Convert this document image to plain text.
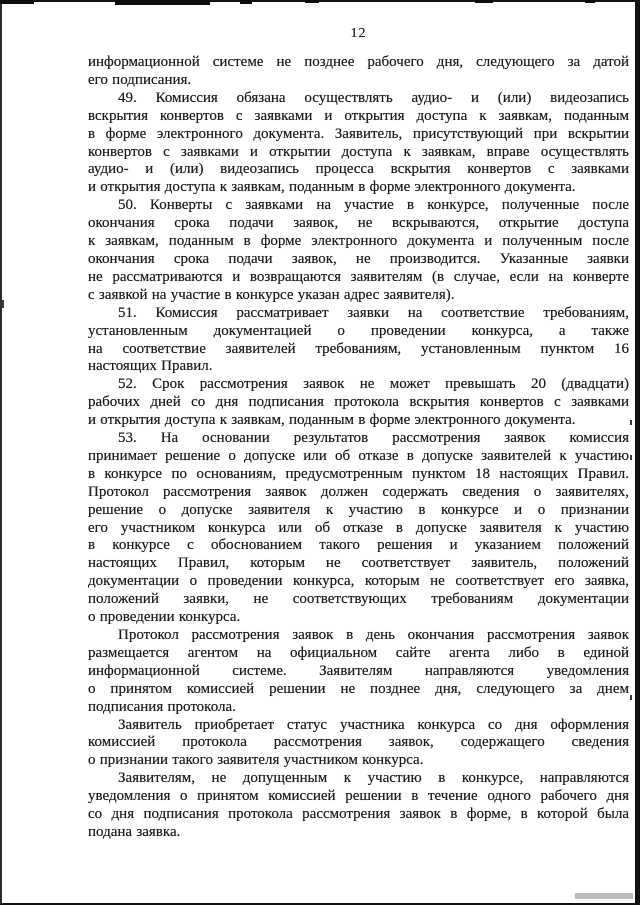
12
информационной системе не позднее рабочего дня, следующего за датой
его подписания.
49. Комиссия обязана осуществлять аудио- и (или) видеозапись
вскрытия конвертов с заявками и открытия доступа к заявкам, поданным
в форме электронного документа. Заявитель, присутствующий при вскрытии
конвертов с заявками и открытии доступа к заявкам, вправе осуществлять
аудио- и (или) видеозапись процесса вскрытия конвертов с заявками
и открытия доступа к заявкам, поданным в форме электронного документа.
50. Конверты с заявками на участие в конкурсе, полученные после
окончания срока подачи заявок, не вскрываются, открытие доступа
к заявкам, поданным в форме электронного документа и полученным после
окончания срока подачи заявок, не производится. Указанные заявки
не рассматриваются и возвращаются заявителям (в случае, если на конверте
с заявкой на участие в конкурсе указан адрес заявителя).
51. Комиссия рассматривает заявки на соответствие требованиям,
установленным документацией о проведении конкурса, а также
на соответствие заявителей требованиям, установленным пунктом 16
настоящих Правил.
52. Срок рассмотрения заявок не может превышать 20 (двадцати)
рабочих дней со дня подписания протокола вскрытия конвертов с заявками
и открытия доступа к заявкам, поданным в форме электронного документа.
53. На основании результатов рассмотрения заявок комиссия
принимает решение о допуске или об отказе в допуске заявителей к участию
в конкурсе по основаниям, предусмотренным пунктом 18 настоящих Правил.
Протокол рассмотрения заявок должен содержать сведения о заявителях,
решение о допуске заявителя к участию в конкурсе и о признании
его участником конкурса или об отказе в допуске заявителя к участию
в конкурсе с обоснованием такого решения и указанием положений
настоящих Правил, которым не соответствует заявитель, положений
документации о проведении конкурса, которым не соответствует его заявка,
положений заявки, не соответствующих требованиям документации
о проведении конкурса.
Протокол рассмотрения заявок в день окончания рассмотрения заявок
размещается агентом на официальном сайте агента либо в единой
информационной системе. Заявителям направляются уведомления
о принятом комиссией решении не позднее дня, следующего за днем
подписания протокола.
Заявитель приобретает статус участника конкурса со дня оформления
комиссией протокола рассмотрения заявок, содержащего сведения
о признании такого заявителя участником конкурса.
Заявителям, не допущенным к участию в конкурсе, направляются
уведомления о принятом комиссией решении в течение одного рабочего дня
со дня подписания протокола рассмотрения заявок в форме, в которой была
подана заявка.
